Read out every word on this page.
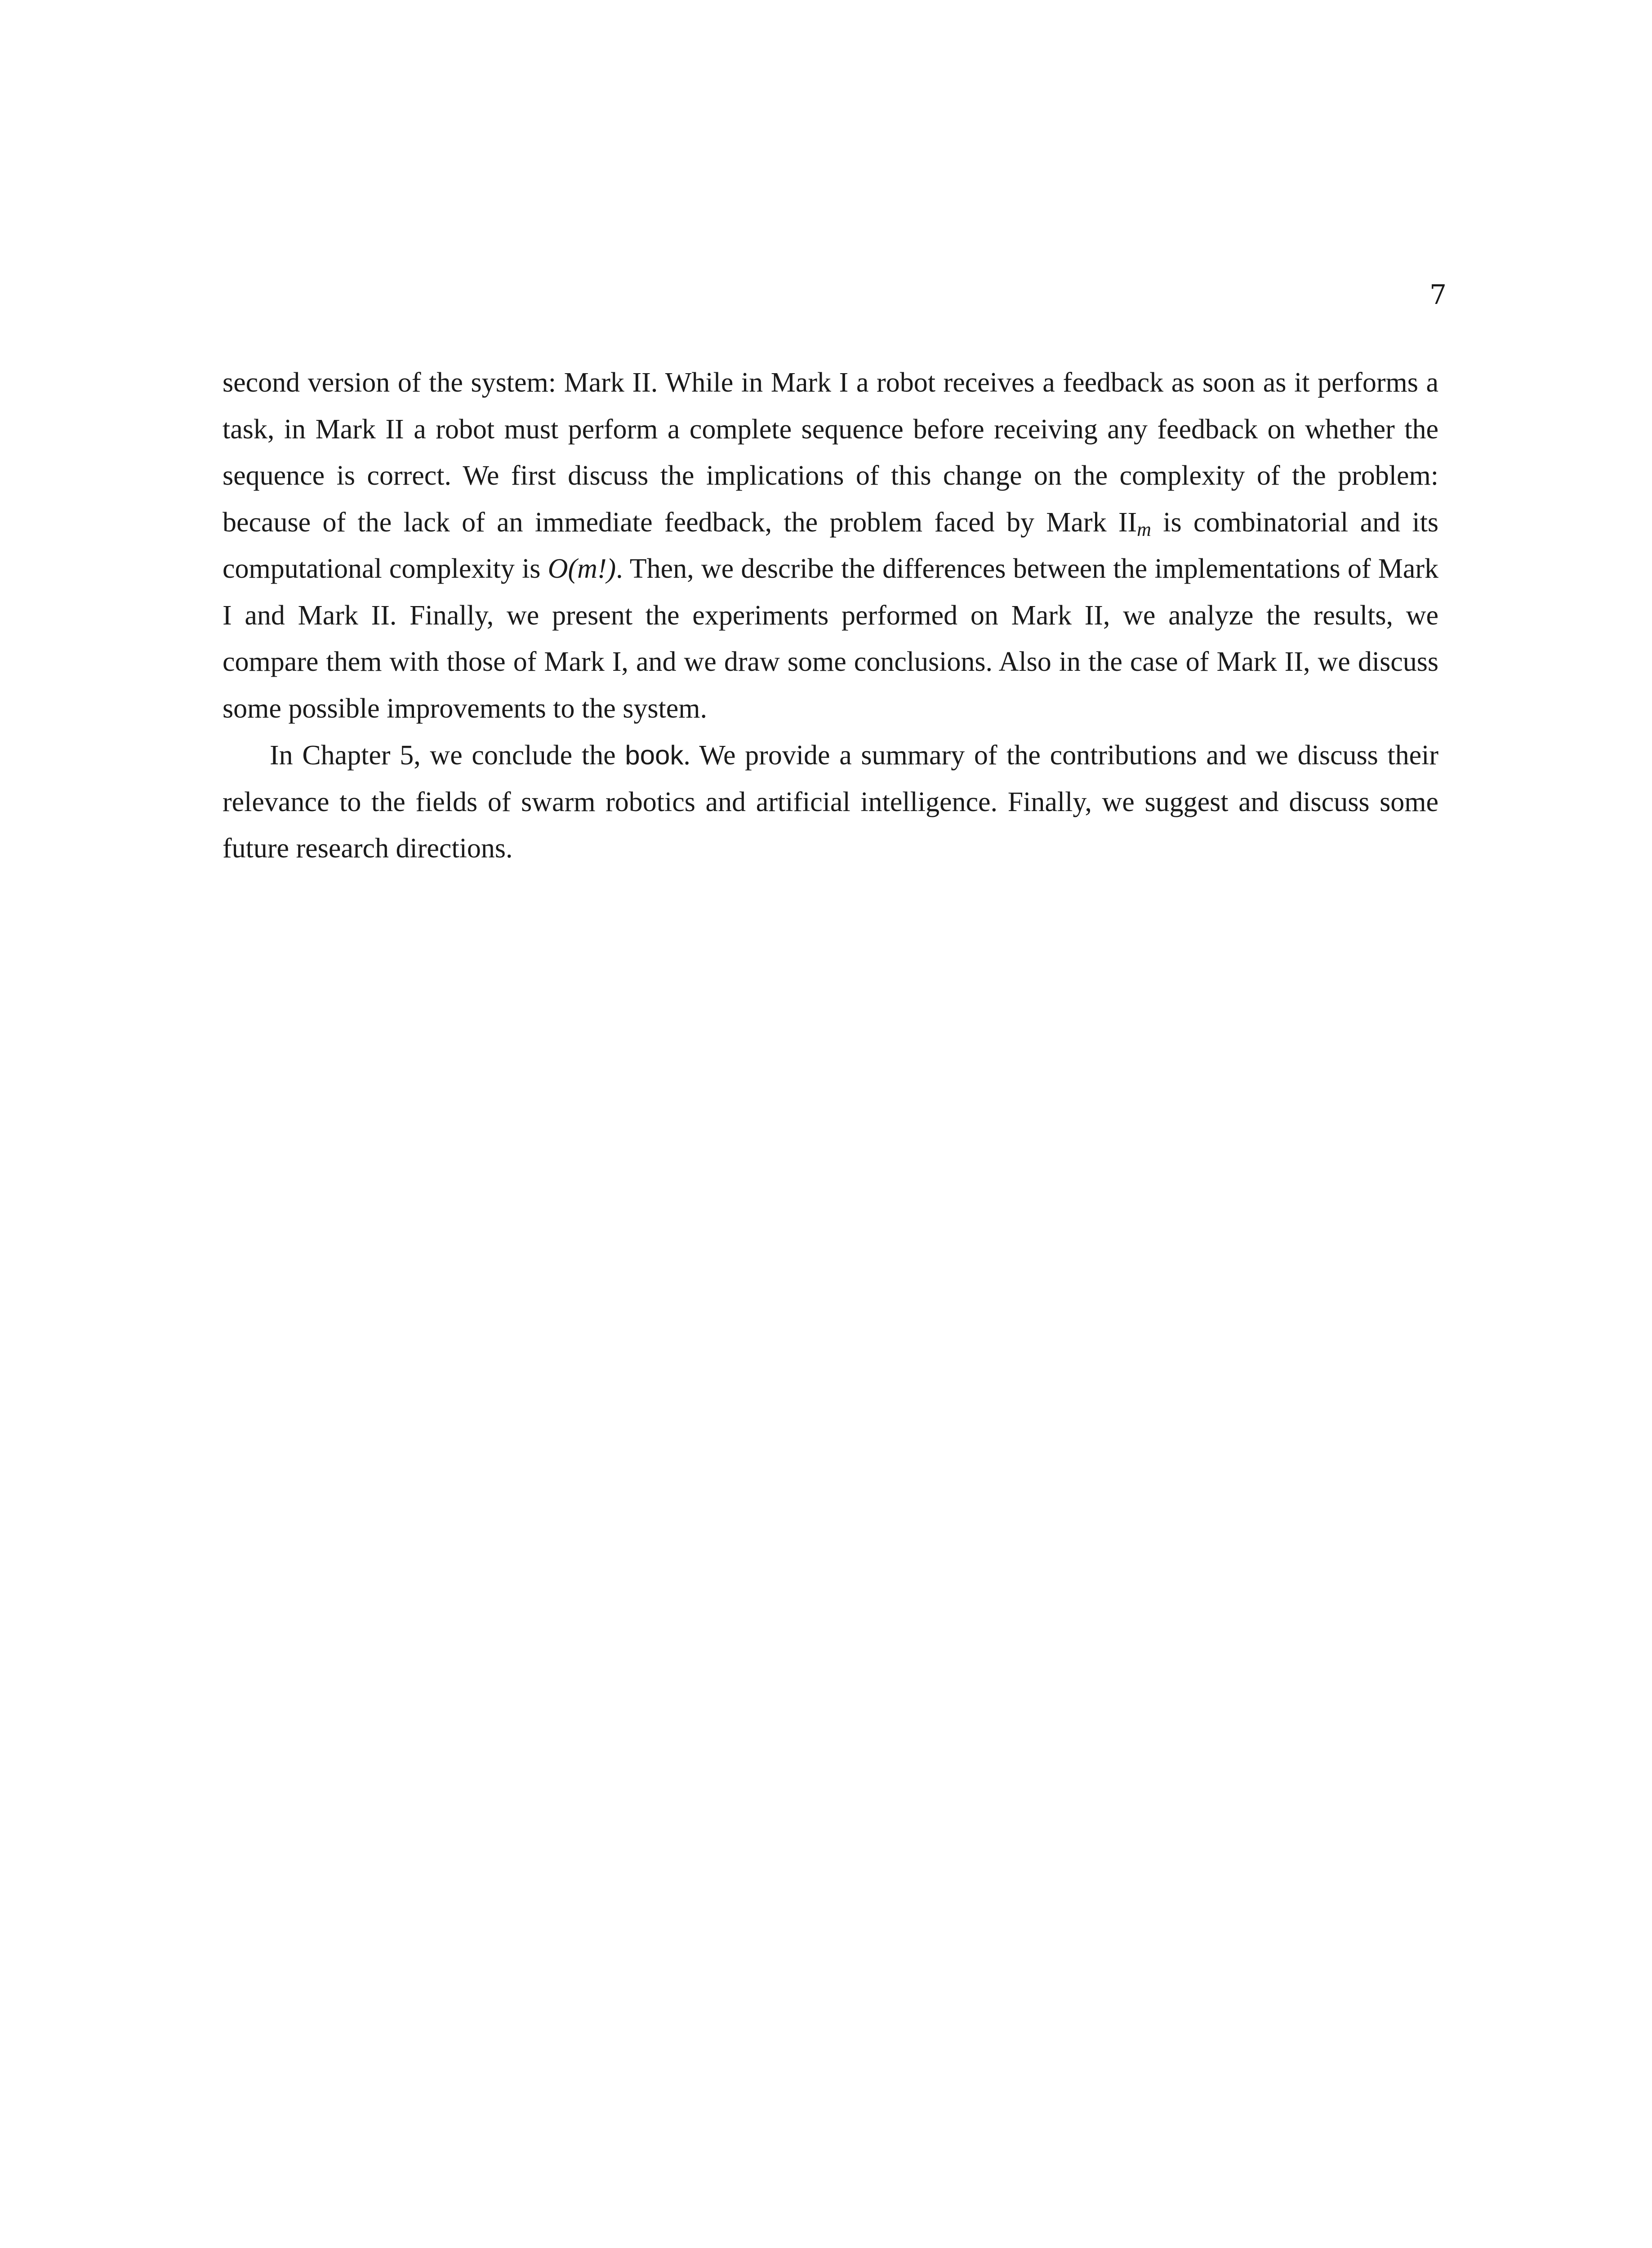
7

second version of the system: Mark II. While in Mark I a robot receives a feedback as soon as it performs a task, in Mark II a robot must perform a complete sequence before receiving any feedback on whether the sequence is correct. We first discuss the implications of this change on the complexity of the problem: because of the lack of an immediate feedback, the problem faced by Mark $II_m$ is combinatorial and its computational complexity is O(m!). Then, we describe the differences between the implementations of Mark I and Mark II. Finally, we present the experiments performed on Mark II, we analyze the results, we compare them with those of Mark I, and we draw some conclusions. Also in the case of Mark II, we discuss some possible improvements to the system.

In Chapter 5, we conclude the book. We provide a summary of the contributions and we discuss their relevance to the fields of swarm robotics and artificial intelligence. Finally, we suggest and discuss some future research directions.
